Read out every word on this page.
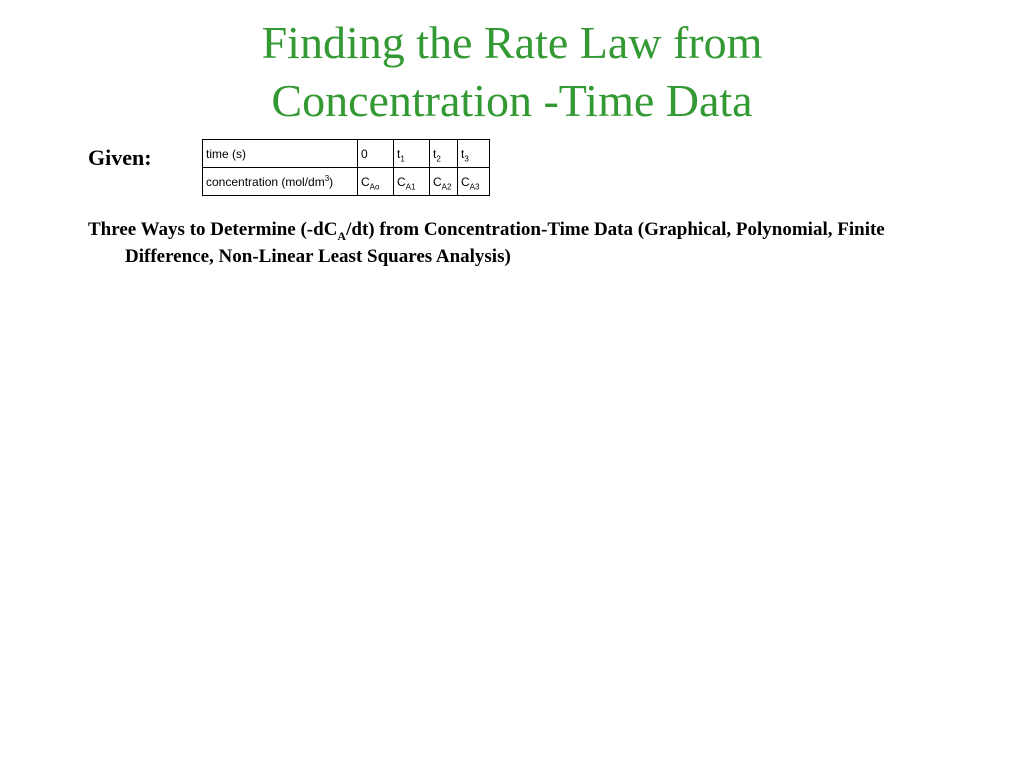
Finding the Rate Law from
Concentration -Time Data
Given:	time (s)	0	$t_1$	$t_2$	$t_3$
concentration $(mol/dm^3)$	$C_{Ao}$	$C_{A1}$	$C_{A2}$	$C_{A3}$
Three Ways to Determine $(-dC_A/dt)$ from Concentration-Time Data (Graphical, Polynomial, Finite Difference, Non-Linear Least Squares Analysis)
